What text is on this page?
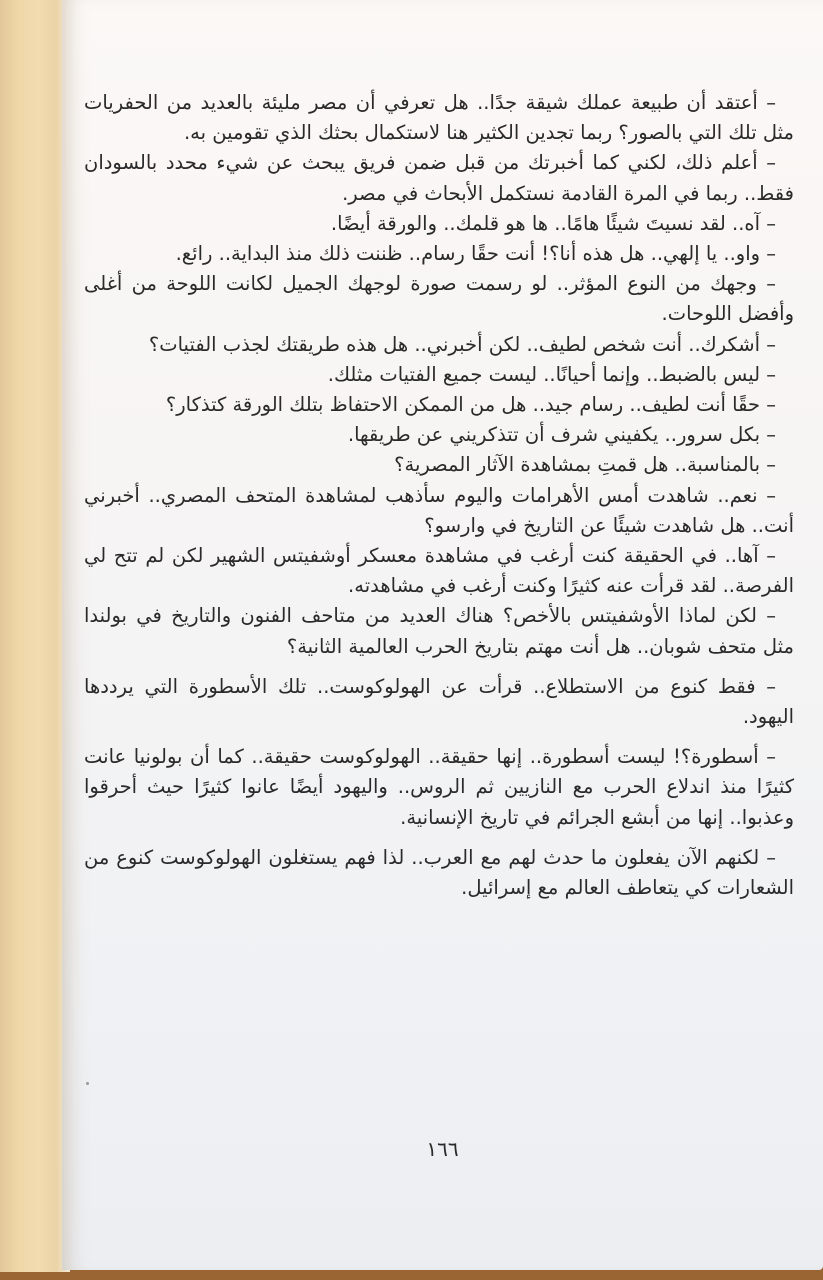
– أعتقد أن طبيعة عملك شيقة جدًا.. هل تعرفي أن مصر مليئة بالعديد من الحفريات مثل تلك التي بالصور؟ ربما تجدين الكثير هنا لاستكمال بحثك الذي تقومين به.

– أعلم ذلك، لكني كما أخبرتك من قبل ضمن فريق يبحث عن شيء محدد بالسودان فقط.. ربما في المرة القادمة نستكمل الأبحاث في مصر.

– آه.. لقد نسيتَ شيئًا هامًا.. ها هو قلمك.. والورقة أيضًا.

– واو.. يا إلهي.. هل هذه أنا؟! أنت حقًا رسام.. ظننت ذلك منذ البداية.. رائع.

– وجهك من النوع المؤثر.. لو رسمت صورة لوجهك الجميل لكانت اللوحة من أغلى وأفضل اللوحات.

– أشكرك.. أنت شخص لطيف.. لكن أخبرني.. هل هذه طريقتك لجذب الفتيات؟

– ليس بالضبط.. وإنما أحيانًا.. ليست جميع الفتيات مثلك.

– حقًا أنت لطيف.. رسام جيد.. هل من الممكن الاحتفاظ بتلك الورقة كتذكار؟

– بكل سرور.. يكفيني شرف أن تتذكريني عن طريقها.

– بالمناسبة.. هل قمتِ بمشاهدة الآثار المصرية؟

– نعم.. شاهدت أمس الأهرامات واليوم سأذهب لمشاهدة المتحف المصري.. أخبرني أنت.. هل شاهدت شيئًا عن التاريخ في وارسو؟

– آها.. في الحقيقة كنت أرغب في مشاهدة معسكر أوشفيتس الشهير لكن لم تتح لي الفرصة.. لقد قرأت عنه كثيرًا وكنت أرغب في مشاهدته.

– لكن لماذا الأوشفيتس بالأخص؟ هناك العديد من متاحف الفنون والتاريخ في بولندا مثل متحف شوبان.. هل أنت مهتم بتاريخ الحرب العالمية الثانية؟

– فقط كنوع من الاستطلاع.. قرأت عن الهولوكوست.. تلك الأسطورة التي يرددها اليهود.

– أسطورة؟! ليست أسطورة.. إنها حقيقة.. الهولوكوست حقيقة.. كما أن بولونيا عانت كثيرًا منذ اندلاع الحرب مع النازيين ثم الروس.. واليهود أيضًا عانوا كثيرًا حيث أحرقوا وعذبوا.. إنها من أبشع الجرائم في تاريخ الإنسانية.

– لكنهم الآن يفعلون ما حدث لهم مع العرب.. لذا فهم يستغلون الهولوكوست كنوع من الشعارات كي يتعاطف العالم مع إسرائيل.

١٦٦
